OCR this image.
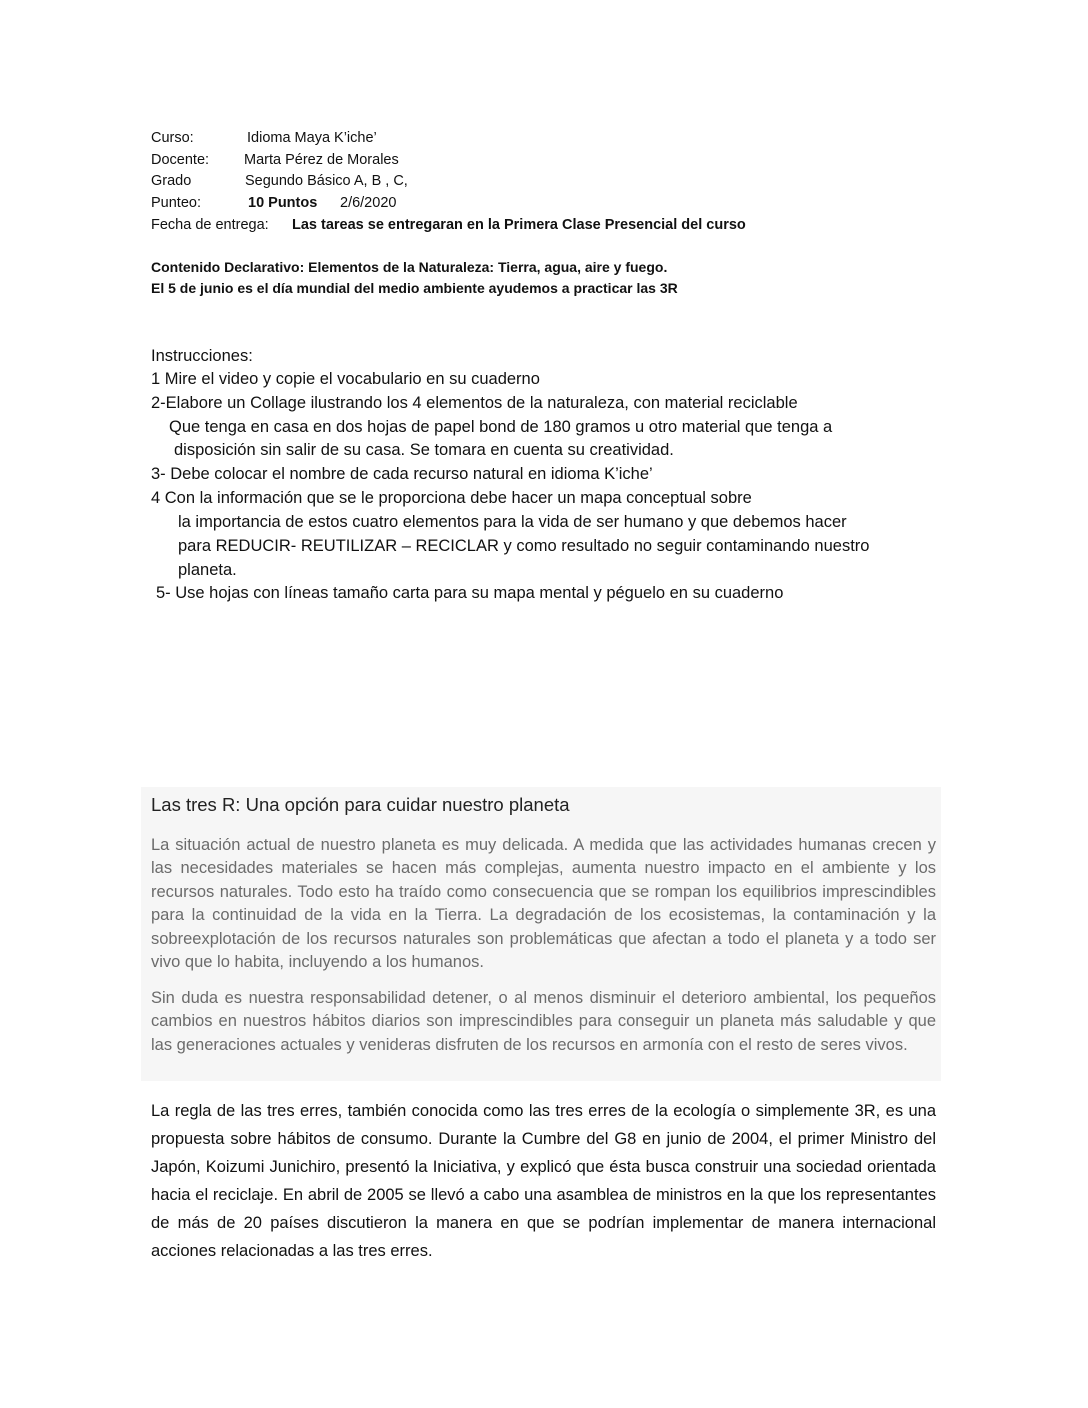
Curso:	Idioma Maya K’iche’
Docente: Marta Pérez de Morales
Grado	Segundo Básico A, B , C,
Punteo:	10 Puntos 2/6/2020
Fecha de entrega: Las tareas se entregaran en la Primera Clase Presencial del curso
Contenido Declarativo: Elementos de la Naturaleza: Tierra, agua, aire y fuego.
El 5 de junio es el día mundial del medio ambiente ayudemos a practicar las 3R
Instrucciones:
1 Mire el video y copie el vocabulario en su cuaderno
2-Elabore un Collage ilustrando los 4 elementos de la naturaleza, con material reciclable
Que tenga en casa en dos hojas de papel bond de 180 gramos u otro material que tenga a
disposición sin salir de su casa. Se tomara en cuenta su creatividad.
3- Debe colocar el nombre de cada recurso natural en idioma K’iche’
4 Con la información que se le proporciona debe hacer un mapa conceptual sobre
la importancia de estos cuatro elementos para la vida de ser humano y que debemos hacer
para REDUCIR- REUTILIZAR – RECICLAR y como resultado no seguir contaminando nuestro
planeta.
5- Use hojas con líneas tamaño carta para su mapa mental y péguelo en su cuaderno
Las tres R: Una opción para cuidar nuestro planeta
La situación actual de nuestro planeta es muy delicada. A medida que las actividades humanas crecen y las necesidades materiales se hacen más complejas, aumenta nuestro impacto en el ambiente y los recursos naturales. Todo esto ha traído como consecuencia que se rompan los equilibrios imprescindibles para la continuidad de la vida en la Tierra. La degradación de los ecosistemas, la contaminación y la sobreexplotación de los recursos naturales son problemáticas que afectan a todo el planeta y a todo ser vivo que lo habita, incluyendo a los humanos.
Sin duda es nuestra responsabilidad detener, o al menos disminuir el deterioro ambiental, los pequeños cambios en nuestros hábitos diarios son imprescindibles para conseguir un planeta más saludable y que las generaciones actuales y venideras disfruten de los recursos en armonía con el resto de seres vivos.
La regla de las tres erres, también conocida como las tres erres de la ecología o simplemente 3R, es una propuesta sobre hábitos de consumo. Durante la Cumbre del G8 en junio de 2004, el primer Ministro del Japón, Koizumi Junichiro, presentó la Iniciativa, y explicó que ésta busca construir una sociedad orientada hacia el reciclaje. En abril de 2005 se llevó a cabo una asamblea de ministros en la que los representantes de más de 20 países discutieron la manera en que se podrían implementar de manera internacional acciones relacionadas a las tres erres.
